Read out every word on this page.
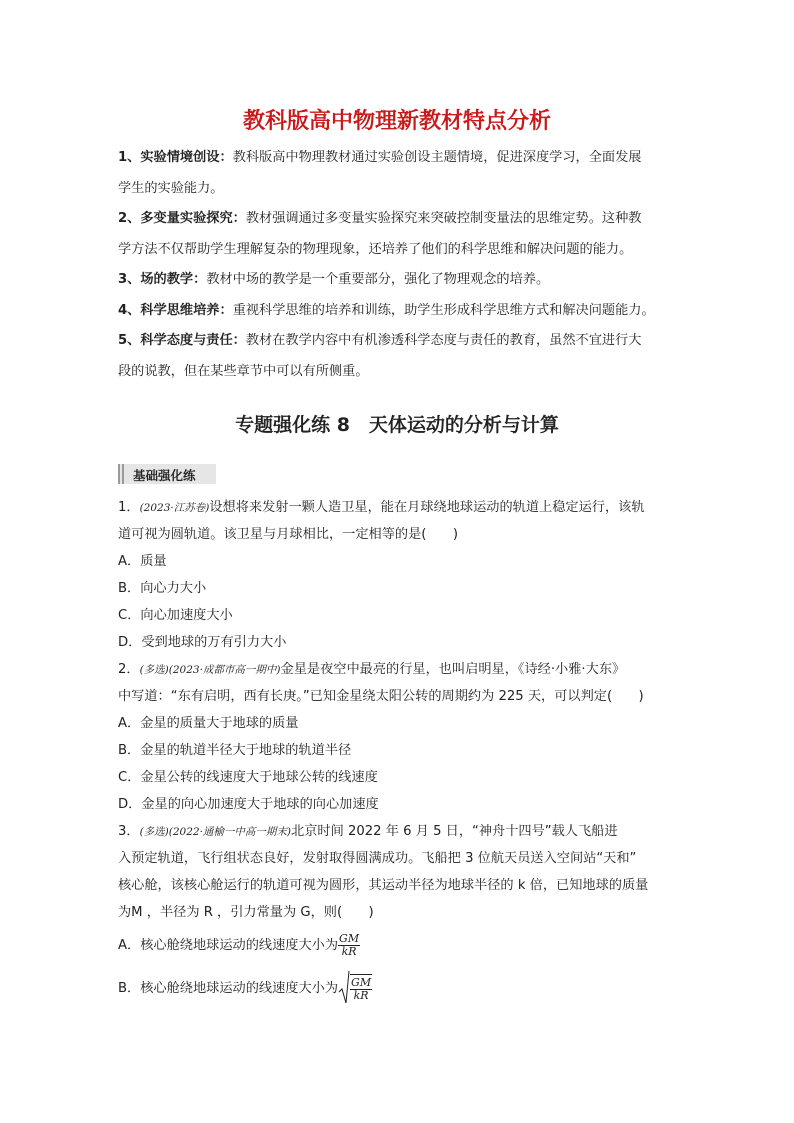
教科版高中物理新教材特点分析

1、实验情境创设：教科版高中物理教材通过实验创设主题情境，促进深度学习，全面发展

学生的实验能力。

2、多变量实验探究：教材强调通过多变量实验探究来突破控制变量法的思维定势。这种教

学方法不仅帮助学生理解复杂的物理现象，还培养了他们的科学思维和解决问题的能力。

3、场的教学：教材中场的教学是一个重要部分，强化了物理观念的培养。

4、科学思维培养：重视科学思维的培养和训练，助学生形成科学思维方式和解决问题能力。

5、科学态度与责任：教材在教学内容中有机渗透科学态度与责任的教育，虽然不宜进行大

段的说教，但在某些章节中可以有所侧重。

专题强化练 8　天体运动的分析与计算
基础强化练
1．(2023·江苏卷)设想将来发射一颗人造卫星，能在月球绕地球运动的轨道上稳定运行，该轨
道可视为圆轨道。该卫星与月球相比，一定相等的是(　　)
A．质量
B．向心力大小
C．向心加速度大小
D．受到地球的万有引力大小
2．(多选)(2023·成都市高一期中)金星是夜空中最亮的行星，也叫启明星，《诗经·小雅·大东》
中写道：“东有启明，西有长庚。”已知金星绕太阳公转的周期约为 225 天，可以判定(　　)
A．金星的质量大于地球的质量
B．金星的轨道半径大于地球的轨道半径
C．金星公转的线速度大于地球公转的线速度
D．金星的向心加速度大于地球的向心加速度
3．(多选)(2022·通榆一中高一期末)北京时间 2022 年 6 月 5 日，“神舟十四号”载人飞船进
入预定轨道，飞行组状态良好，发射取得圆满成功。飞船把 3 位航天员送入空间站“天和”
核心舱，该核心舱运行的轨道可视为圆形，其运动半径为地球半径的 k 倍，已知地球的质量
为M ，半径为 R ，引力常量为 G，则(　　)
A．核心舱绕地球运动的线速度大小为 $\frac{GM}{kR}$
B．核心舱绕地球运动的线速度大小为 $\frac{GM}{kR}$
